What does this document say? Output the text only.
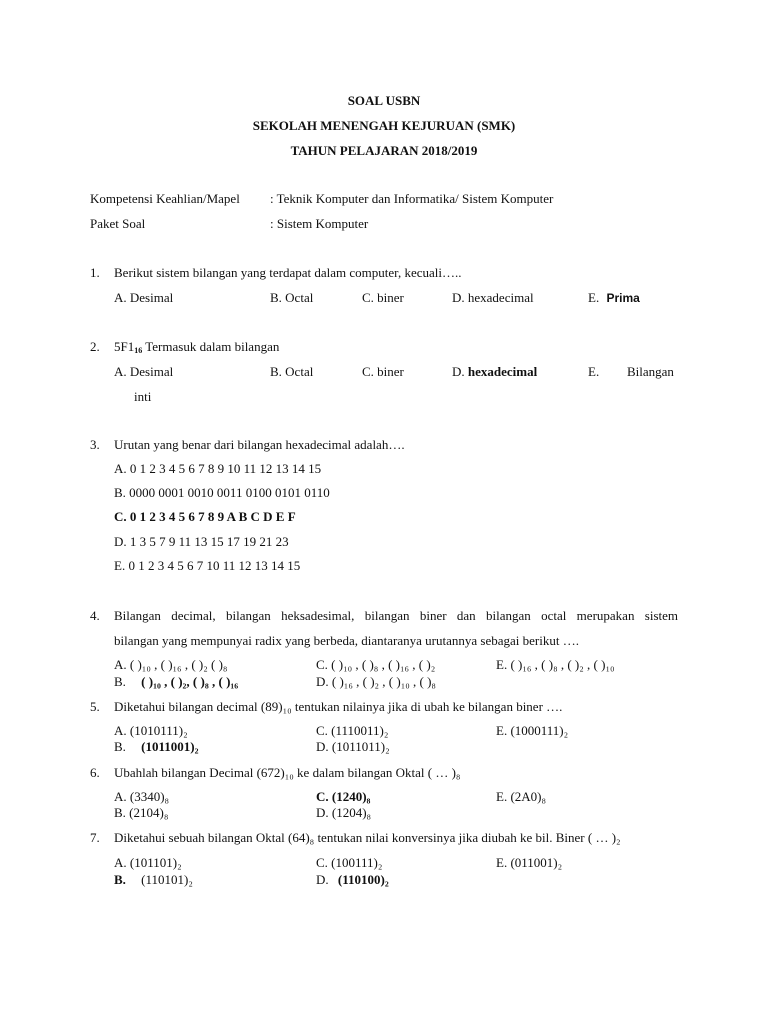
SOAL USBN
SEKOLAH MENENGAH KEJURUAN (SMK)
TAHUN PELAJARAN 2018/2019
Kompetensi Keahlian/Mapel : Teknik Komputer dan Informatika/ Sistem Komputer
Paket Soal	: Sistem Komputer
1. Berikut sistem bilangan yang terdapat dalam computer, kecuali…..
A. Desimal	B. Octal	C. biner	D. hexadecimal	E. Prima
2. $5F1_{16}$ Termasuk dalam bilangan
A. Desimal	B. Octal	C. biner	D. hexadecimal	E. Bilangan
inti
3. Urutan yang benar dari bilangan hexadecimal adalah….
A. 0 1 2 3 4 5 6 7 8 9 10 11 12 13 14 15
B. 0000 0001 0010 0011 0100 0101 0110
C. 0 1 2 3 4 5 6 7 8 9 A B C D E F
D. 1 3 5 7 9 11 13 15 17 19 21 23
E. 0 1 2 3 4 5 6 7 10 11 12 13 14 15
4. Bilangan decimal, bilangan heksadesimal, bilangan biner dan bilangan octal merupakan sistem
bilangan yang mempunyai radix yang berbeda, diantaranya urutannya sebagai berikut ….
A. ( )₁₀ , ( )₁₆ , ( )₂ ( )₈
B. ( )₁₀ , ( )₂, ( )₈ , ( )₁₆
C. ( )₁₀ , ( )₈ , ( )₁₆ , ( )₂
D. ( )₁₆ , ( )₂ , ( )₁₀ , ( )₈
E. ( )₁₆ , ( )₈ , ( )₂ , ( )₁₀
5. Diketahui bilangan decimal (89)₁₀ tentukan nilainya jika di ubah ke bilangan biner ….
A. (1010111)₂
B. (1011001)₂
C. (1110011)₂
D. (1011011)₂
E. (1000111)₂
6. Ubahlah bilangan Decimal (672)₁₀ ke dalam bilangan Oktal ( … )₈
A. (3340)₈
B. (2104)₈
C. (1240)₈
D. (1204)₈
E. (2A0)₈
7. Diketahui sebuah bilangan Oktal (64)₈ tentukan nilai konversinya jika diubah ke bil. Biner ( … )₂
A. (101101)₂
B. (110101)₂
C. (100111)₂
D. (110100)₂
E. (011001)₂
